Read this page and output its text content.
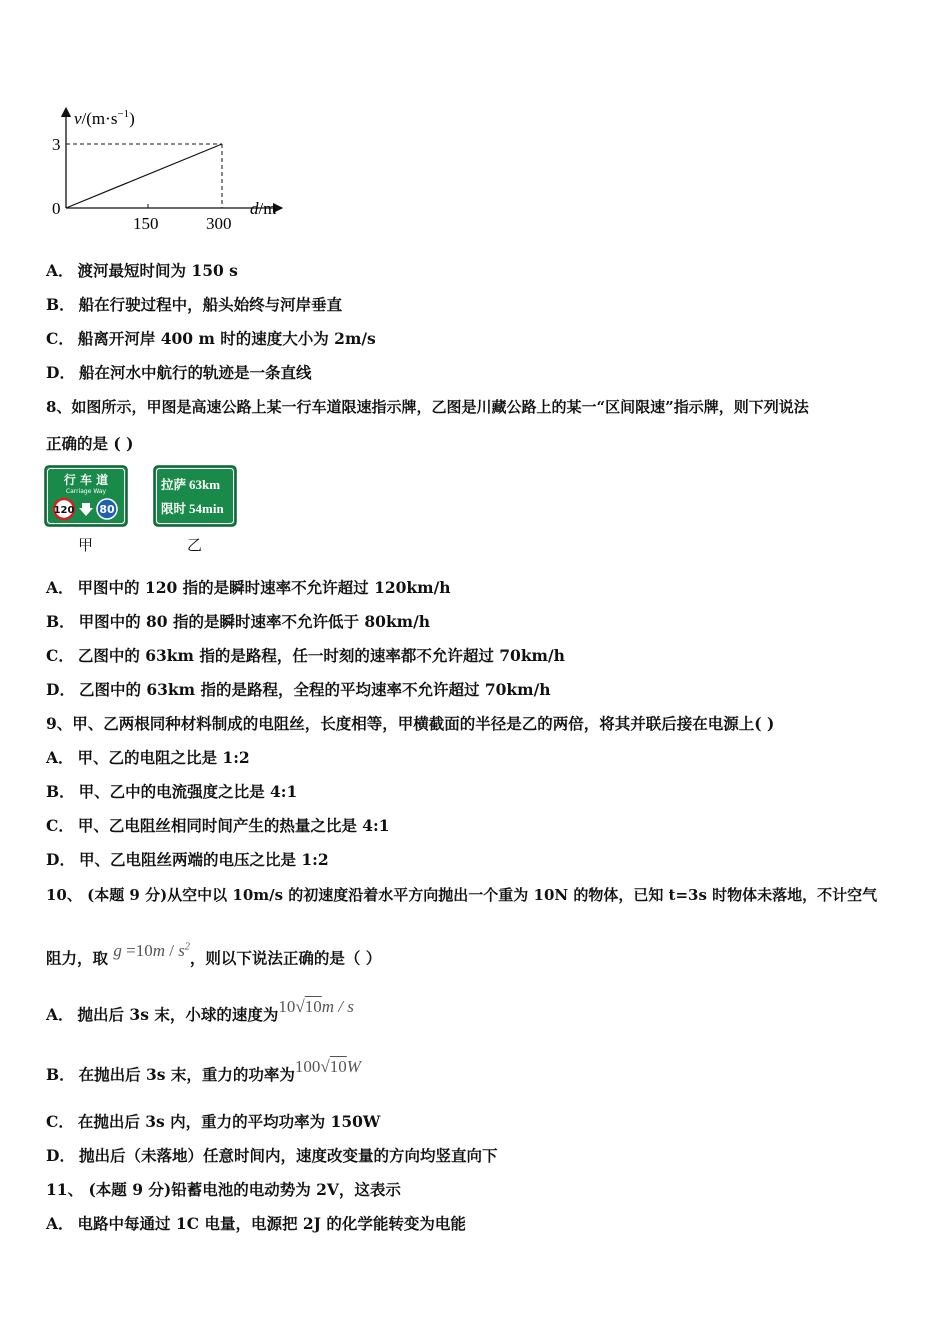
$v/(m\cdot s^{-1})$
3
0
150	300
d/m
A． 渡河最短时间为 150 s
B． 船在行驶过程中，船头始终与河岸垂直
C． 船离开河岸 400 m 时的速度大小为 2m/s
D． 船在河水中航行的轨迹是一条直线
8、如图所示，甲图是高速公路上某一行车道限速指示牌，乙图是川藏公路上的某一“区间限速”指示牌，则下列说法
正确的是 ( )
行 车 道
Carriage Way
120 80
甲
拉萨 63km
限时 54min
乙
A． 甲图中的 120 指的是瞬时速率不允许超过 120km/h
B． 甲图中的 80 指的是瞬时速率不允许低于 80km/h
C． 乙图中的 63km 指的是路程，任一时刻的速率都不允许超过 70km/h
D． 乙图中的 63km 指的是路程，全程的平均速率不允许超过 70km/h
9、甲、乙两根同种材料制成的电阻丝，长度相等，甲横截面的半径是乙的两倍，将其并联后接在电源上( )
A． 甲、乙的电阻之比是 1:2
B． 甲、乙中的电流强度之比是 4:1
C． 甲、乙电阻丝相同时间产生的热量之比是 4:1
D． 甲、乙电阻丝两端的电压之比是 1:2
10、 (本题 9 分)从空中以 10m/s 的初速度沿着水平方向抛出一个重为 10N 的物体，已知 t=3s 时物体未落地，不计空气
阻力，取 $g =10m / s^2$，则以下说法正确的是（ ）
A． 抛出后 3s 末，小球的速度为10√10m / s
B． 在抛出后 3s 末，重力的功率为100√10W
C． 在抛出后 3s 内，重力的平均功率为 150W
D． 抛出后（未落地）任意时间内，速度改变量的方向均竖直向下
11、 (本题 9 分)铅蓄电池的电动势为 2V，这表示
A． 电路中每通过 1C 电量，电源把 2J 的化学能转变为电能
